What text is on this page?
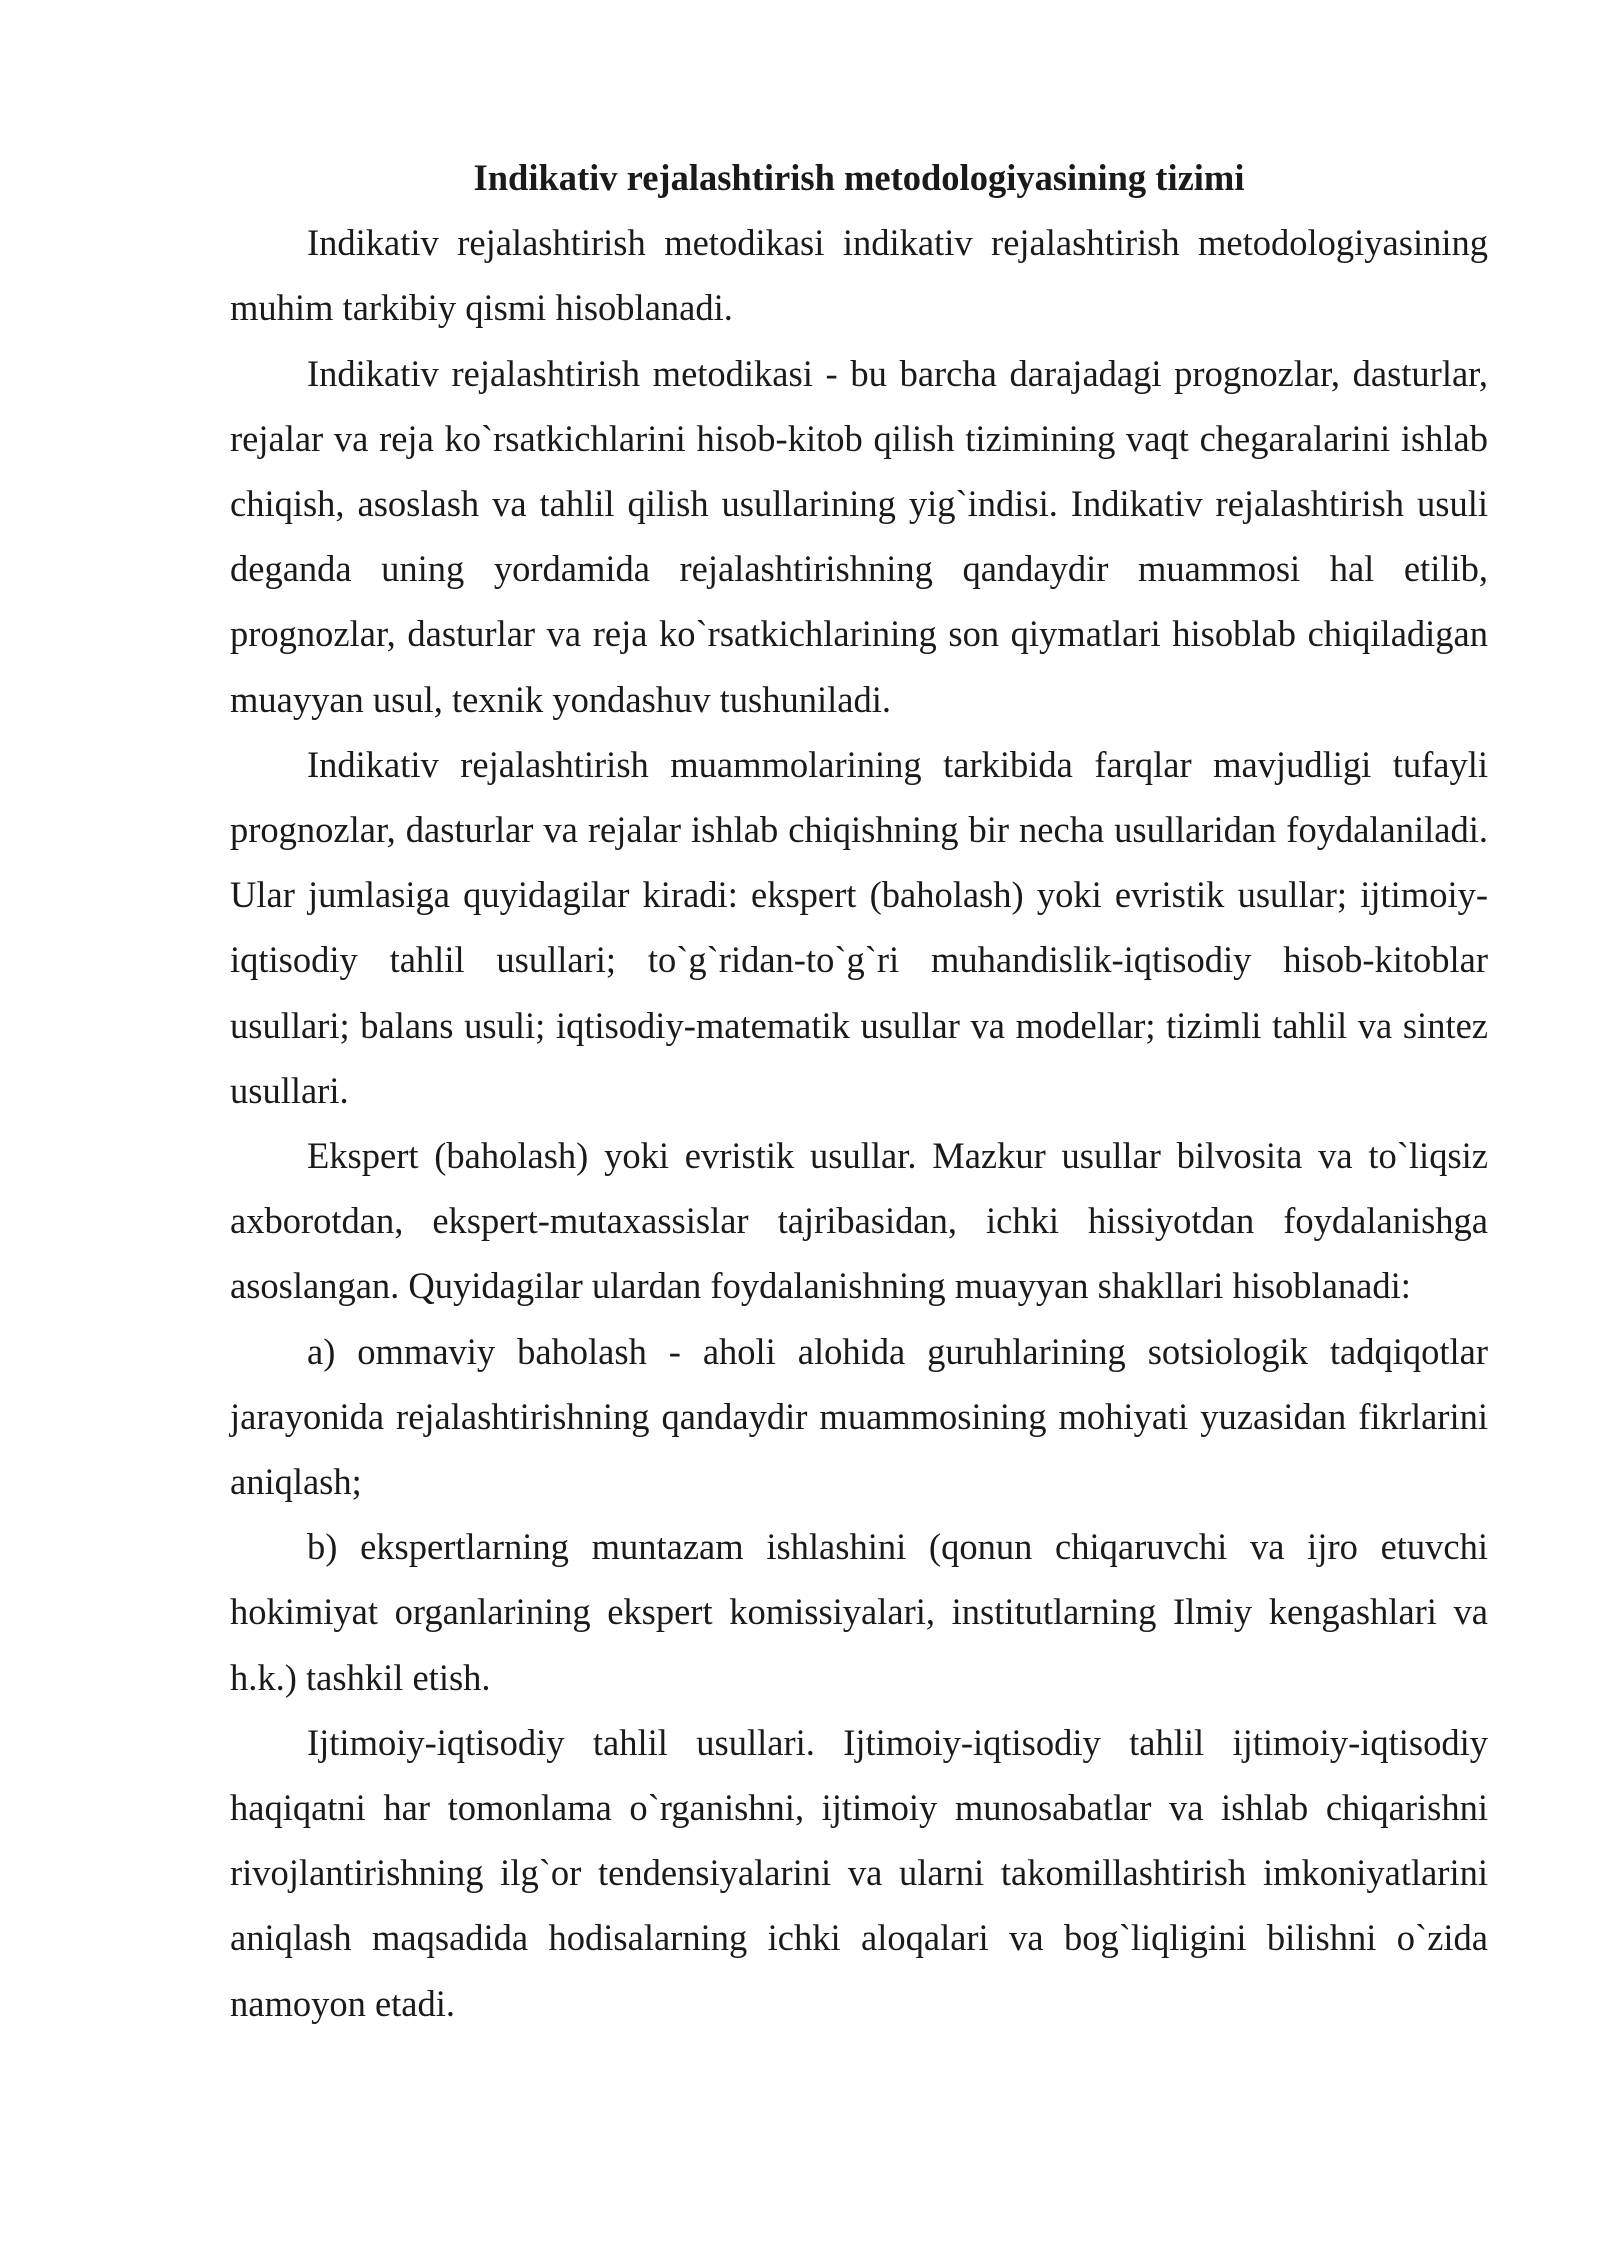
Indikativ rejalashtirish metodologiyasining tizimi

Indikativ rejalashtirish metodikasi indikativ rejalashtirish metodologiyasining muhim tarkibiy qismi hisoblanadi.

Indikativ rejalashtirish metodikasi - bu barcha darajadagi prognozlar, dasturlar, rejalar va reja ko`rsatkichlarini hisob-kitob qilish tizimining vaqt chegaralarini ishlab chiqish, asoslash va tahlil qilish usullarining yig`indisi. Indikativ rejalashtirish usuli deganda uning yordamida rejalashtirishning qandaydir muammosi hal etilib, prognozlar, dasturlar va reja ko`rsatkichlarining son qiymatlari hisoblab chiqiladigan muayyan usul, texnik yondashuv tushuniladi.

Indikativ rejalashtirish muammolarining tarkibida farqlar mavjudligi tufayli prognozlar, dasturlar va rejalar ishlab chiqishning bir necha usullaridan foydalaniladi. Ular jumlasiga quyidagilar kiradi: ekspert (baholash) yoki evristik usullar; ijtimoiy-iqtisodiy tahlil usullari; to`g`ridan-to`g`ri muhandislik-iqtisodiy hisob-kitoblar usullari; balans usuli; iqtisodiy-matematik usullar va modellar; tizimli tahlil va sintez usullari.

Ekspert (baholash) yoki evristik usullar. Mazkur usullar bilvosita va to`liqsiz axborotdan, ekspert-mutaxassislar tajribasidan, ichki hissiyotdan foydalanishga asoslangan. Quyidagilar ulardan foydalanishning muayyan shakllari hisoblanadi:

a) ommaviy baholash - aholi alohida guruhlarining sotsiologik tadqiqotlar jarayonida rejalashtirishning qandaydir muammosining mohiyati yuzasidan fikrlarini aniqlash;

b) ekspertlarning muntazam ishlashini (qonun chiqaruvchi va ijro etuvchi hokimiyat organlarining ekspert komissiyalari, institutlarning Ilmiy kengashlari va h.k.) tashkil etish.

Ijtimoiy-iqtisodiy tahlil usullari. Ijtimoiy-iqtisodiy tahlil ijtimoiy-iqtisodiy haqiqatni har tomonlama o`rganishni, ijtimoiy munosabatlar va ishlab chiqarishni rivojlantirishning ilg`or tendensiyalarini va ularni takomillashtirish imkoniyatlarini aniqlash maqsadida hodisalarning ichki aloqalari va bog`liqligini bilishni o`zida namoyon etadi.
